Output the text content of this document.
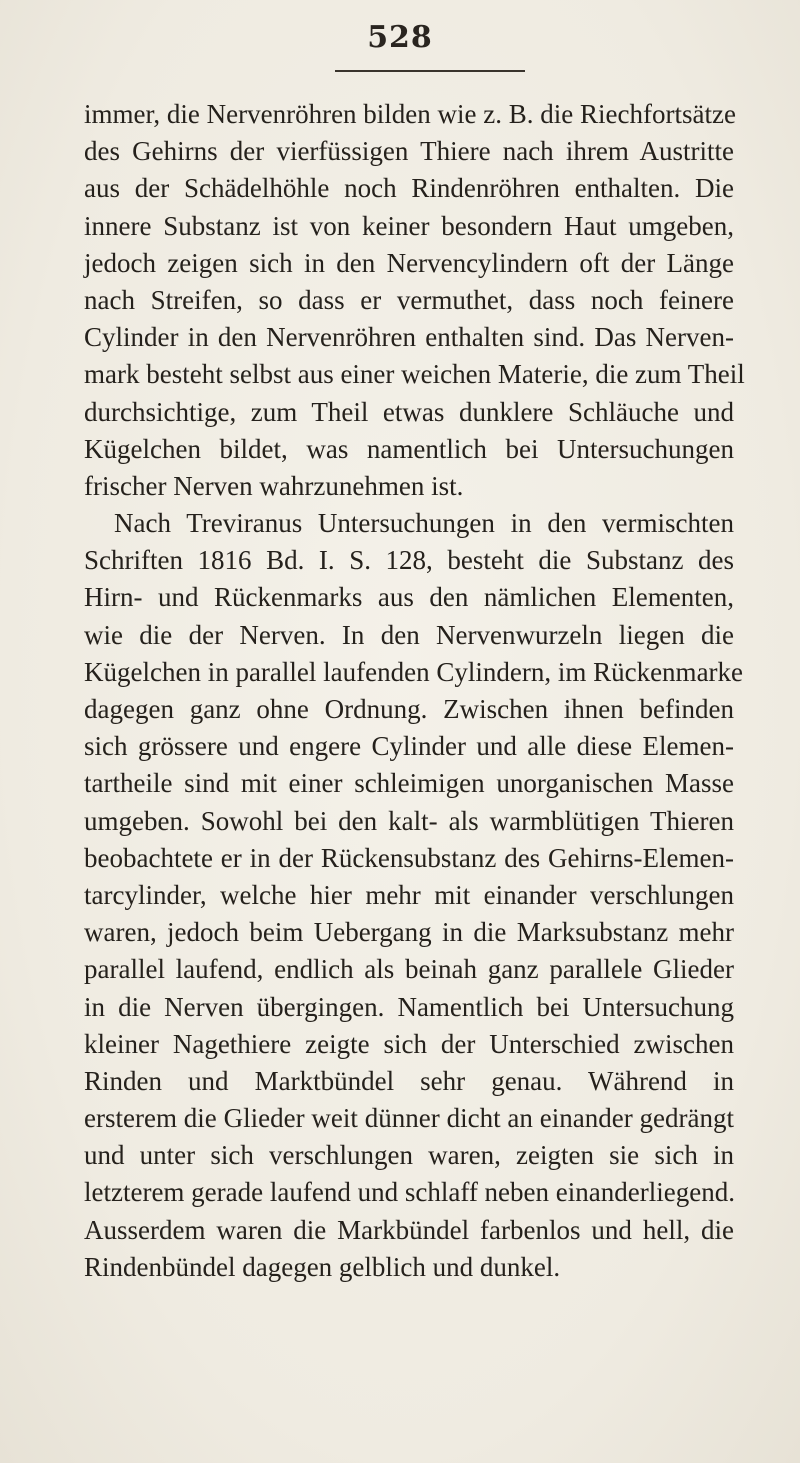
528
immer, die Nervenröhren bilden wie z. B. die Riechfortsätze
des Gehirns der vierfüssigen Thiere nach ihrem Austritte
aus der Schädelhöhle noch Rindenröhren enthalten. Die
innere Substanz ist von keiner besondern Haut umgeben,
jedoch zeigen sich in den Nervencylindern oft der Länge
nach Streifen, so dass er vermuthet, dass noch feinere
Cylinder in den Nervenröhren enthalten sind. Das Nerven-
mark besteht selbst aus einer weichen Materie, die zum Theil
durchsichtige, zum Theil etwas dunklere Schläuche und
Kügelchen bildet, was namentlich bei Untersuchungen
frischer Nerven wahrzunehmen ist.
Nach Treviranus Untersuchungen in den vermischten
Schriften 1816 Bd. I. S. 128, besteht die Substanz des
Hirn- und Rückenmarks aus den nämlichen Elementen,
wie die der Nerven. In den Nervenwurzeln liegen die
Kügelchen in parallel laufenden Cylindern, im Rückenmarke
dagegen ganz ohne Ordnung. Zwischen ihnen befinden
sich grössere und engere Cylinder und alle diese Elemen-
tartheile sind mit einer schleimigen unorganischen Masse
umgeben. Sowohl bei den kalt- als warmblütigen Thieren
beobachtete er in der Rückensubstanz des Gehirns-Elemen-
tarcylinder, welche hier mehr mit einander verschlungen
waren, jedoch beim Uebergang in die Marksubstanz mehr
parallel laufend, endlich als beinah ganz parallele Glieder
in die Nerven übergingen. Namentlich bei Untersuchung
kleiner Nagethiere zeigte sich der Unterschied zwischen
Rinden und Marktbündel sehr genau. Während in
ersterem die Glieder weit dünner dicht an einander gedrängt
und unter sich verschlungen waren, zeigten sie sich in
letzterem gerade laufend und schlaff neben einanderliegend.
Ausserdem waren die Markbündel farbenlos und hell, die
Rindenbündel dagegen gelblich und dunkel.
